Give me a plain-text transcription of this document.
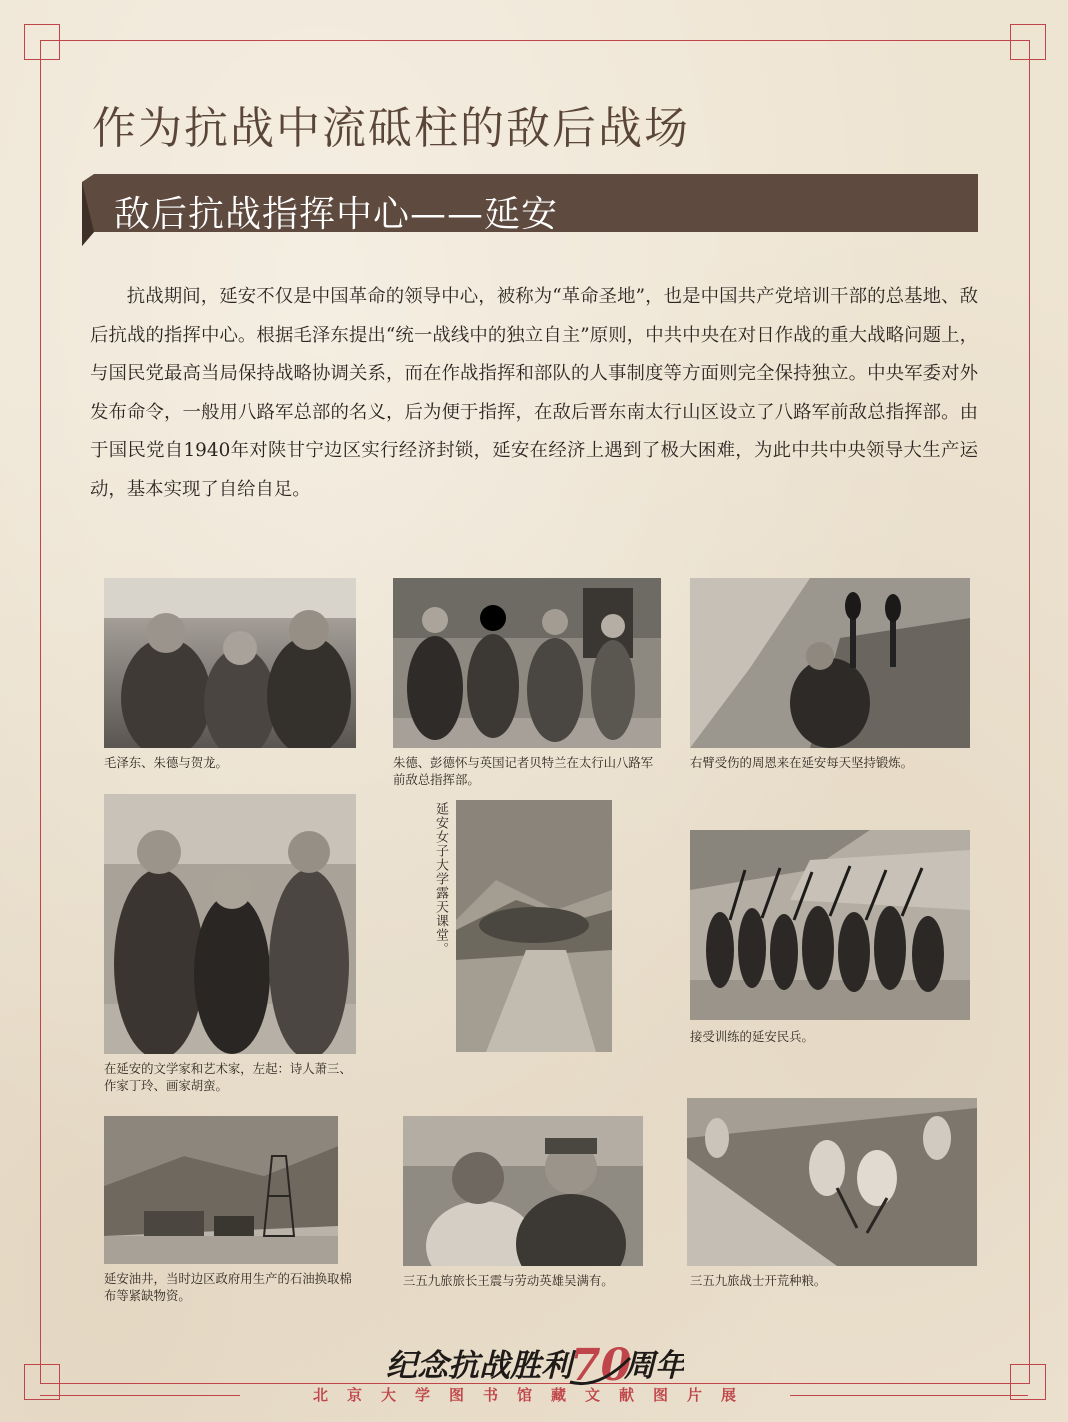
作为抗战中流砥柱的敌后战场
敌后抗战指挥中心——延安

抗战期间，延安不仅是中国革命的领导中心，被称为“革命圣地”，也是中国共产党培训干部的总基地、敌后抗战的指挥中心。根据毛泽东提出“统一战线中的独立自主”原则，中共中央在对日作战的重大战略问题上，与国民党最高当局保持战略协调关系，而在作战指挥和部队的人事制度等方面则完全保持独立。中央军委对外发布命令，一般用八路军总部的名义，后为便于指挥，在敌后晋东南太行山区设立了八路军前敌总指挥部。由于国民党自1940年对陕甘宁边区实行经济封锁，延安在经济上遇到了极大困难，为此中共中央领导大生产运动，基本实现了自给自足。

毛泽东、朱德与贺龙。	朱德、彭德怀与英国记者贝特兰在太行山八路军前敌总指挥部。

右臂受伤的周恩来在延安每天坚持锻炼。

在延安的文学家和艺术家，左起：诗人萧三、作家丁玲、画家胡蛮。

延安女子大学露天课堂。

接受训练的延安民兵。

延安油井，当时边区政府用生产的石油换取棉布等紧缺物资。

三五九旅旅长王震与劳动英雄吴满有。	三五九旅战士开荒种粮。

纪念抗战胜利
70
周年
北京大学图书馆藏文献图片展
